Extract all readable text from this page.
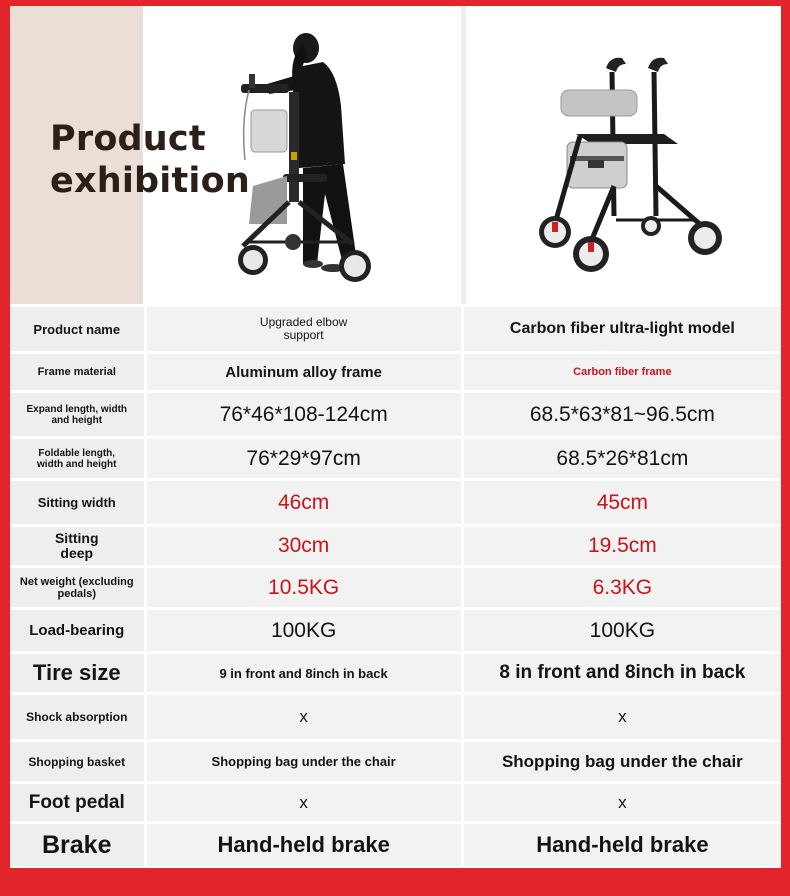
Product
exhibition
Product name	Upgraded elbow support	Carbon fiber ultra-light model
Frame material	Aluminum alloy frame	Carbon fiber frame

Expand length, width and height	76*46*108-124cm	68.5*63*81~96.5cm

Foldable length, width and height	76*29*97cm	68.5*26*81cm
Sitting width	46cm	45cm

Sitting deep	30cm	19.5cm

Net weight (excluding pedals)	10.5KG	6.3KG
Load-bearing	100KG	100KG
Tire size	9 in front and 8inch in back	8 in front and 8inch in back
Shock absorption	x	x
Shopping basket	Shopping bag under the chair	Shopping bag under the chair
Foot pedal	x	x
Brake	Hand-held brake	Hand-held brake
